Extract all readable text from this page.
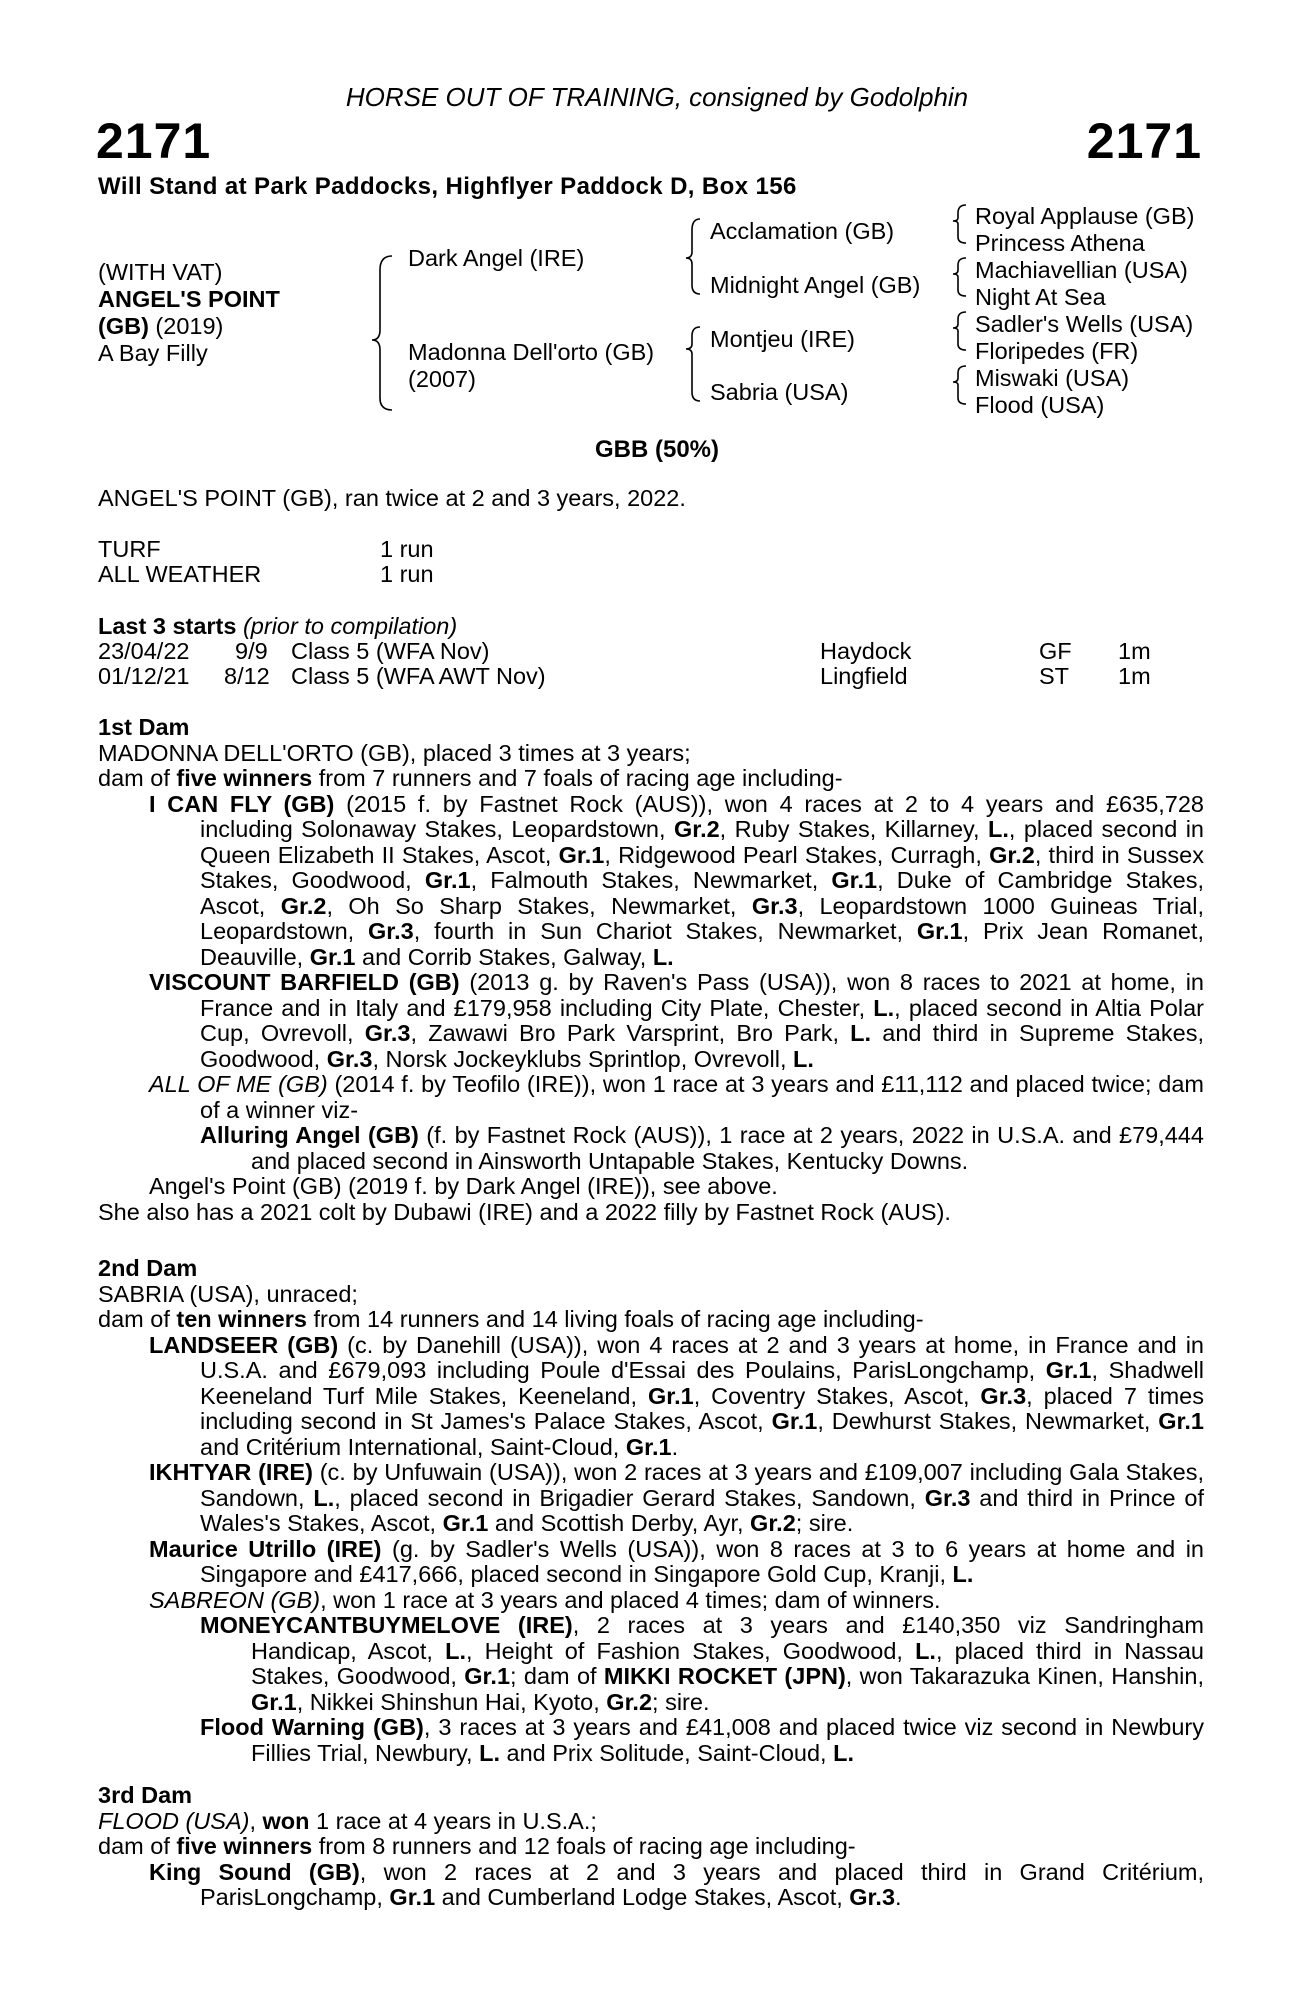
HORSE OUT OF TRAINING, consigned by Godolphin
2171	2171
Will Stand at Park Paddocks, Highflyer Paddock D, Box 156
(WITH VAT)
ANGEL'S POINT
(GB) (2019)
A Bay Filly
Dark Angel (IRE)
Madonna Dell'orto (GB)
(2007)
Acclamation (GB)
Midnight Angel (GB)
Montjeu (IRE)
Sabria (USA)
Royal Applause (GB)
Princess Athena
Machiavellian (USA)
Night At Sea
Sadler's Wells (USA)
Floripedes (FR)
Miswaki (USA)
Flood (USA)
GBB (50%)
ANGEL'S POINT (GB), ran twice at 2 and 3 years, 2022.
TURF	1 run
ALL WEATHER	1 run
Last 3 starts (prior to compilation)
23/04/22 9/9 Class 5 (WFA Nov)	Haydock	GF 1m
01/12/21 8/12 Class 5 (WFA AWT Nov)	Lingfield	ST 1m
1st Dam
MADONNA DELL'ORTO (GB), placed 3 times at 3 years;
dam of five winners from 7 runners and 7 foals of racing age including-
I CAN FLY (GB) (2015 f. by Fastnet Rock (AUS)), won 4 races at 2 to 4 years and £635,728 including Solonaway Stakes, Leopardstown, Gr.2, Ruby Stakes, Killarney, L., placed second in Queen Elizabeth II Stakes, Ascot, Gr.1, Ridgewood Pearl Stakes, Curragh, Gr.2, third in Sussex Stakes, Goodwood, Gr.1, Falmouth Stakes, Newmarket, Gr.1, Duke of Cambridge Stakes, Ascot, Gr.2, Oh So Sharp Stakes, Newmarket, Gr.3, Leopardstown 1000 Guineas Trial, Leopardstown, Gr.3, fourth in Sun Chariot Stakes, Newmarket, Gr.1, Prix Jean Romanet, Deauville, Gr.1 and Corrib Stakes, Galway, L.
VISCOUNT BARFIELD (GB) (2013 g. by Raven's Pass (USA)), won 8 races to 2021 at home, in France and in Italy and £179,958 including City Plate, Chester, L., placed second in Altia Polar Cup, Ovrevoll, Gr.3, Zawawi Bro Park Varsprint, Bro Park, L. and third in Supreme Stakes, Goodwood, Gr.3, Norsk Jockeyklubs Sprintlop, Ovrevoll, L.
ALL OF ME (GB) (2014 f. by Teofilo (IRE)), won 1 race at 3 years and £11,112 and placed twice; dam of a winner viz-
Alluring Angel (GB) (f. by Fastnet Rock (AUS)), 1 race at 2 years, 2022 in U.S.A. and £79,444 and placed second in Ainsworth Untapable Stakes, Kentucky Downs.
Angel's Point (GB) (2019 f. by Dark Angel (IRE)), see above.
She also has a 2021 colt by Dubawi (IRE) and a 2022 filly by Fastnet Rock (AUS).
2nd Dam
SABRIA (USA), unraced;
dam of ten winners from 14 runners and 14 living foals of racing age including-
LANDSEER (GB) (c. by Danehill (USA)), won 4 races at 2 and 3 years at home, in France and in U.S.A. and £679,093 including Poule d'Essai des Poulains, ParisLongchamp, Gr.1, Shadwell Keeneland Turf Mile Stakes, Keeneland, Gr.1, Coventry Stakes, Ascot, Gr.3, placed 7 times including second in St James's Palace Stakes, Ascot, Gr.1, Dewhurst Stakes, Newmarket, Gr.1 and Critérium International, Saint-Cloud, Gr.1.
IKHTYAR (IRE) (c. by Unfuwain (USA)), won 2 races at 3 years and £109,007 including Gala Stakes, Sandown, L., placed second in Brigadier Gerard Stakes, Sandown, Gr.3 and third in Prince of Wales's Stakes, Ascot, Gr.1 and Scottish Derby, Ayr, Gr.2; sire.
Maurice Utrillo (IRE) (g. by Sadler's Wells (USA)), won 8 races at 3 to 6 years at home and in Singapore and £417,666, placed second in Singapore Gold Cup, Kranji, L.
SABREON (GB), won 1 race at 3 years and placed 4 times; dam of winners.
MONEYCANTBUYMELOVE (IRE), 2 races at 3 years and £140,350 viz Sandringham Handicap, Ascot, L., Height of Fashion Stakes, Goodwood, L., placed third in Nassau Stakes, Goodwood, Gr.1; dam of MIKKI ROCKET (JPN), won Takarazuka Kinen, Hanshin, Gr.1, Nikkei Shinshun Hai, Kyoto, Gr.2; sire.
Flood Warning (GB), 3 races at 3 years and £41,008 and placed twice viz second in Newbury Fillies Trial, Newbury, L. and Prix Solitude, Saint-Cloud, L.
3rd Dam
FLOOD (USA), won 1 race at 4 years in U.S.A.;
dam of five winners from 8 runners and 12 foals of racing age including-
King Sound (GB), won 2 races at 2 and 3 years and placed third in Grand Critérium, ParisLongchamp, Gr.1 and Cumberland Lodge Stakes, Ascot, Gr.3.
